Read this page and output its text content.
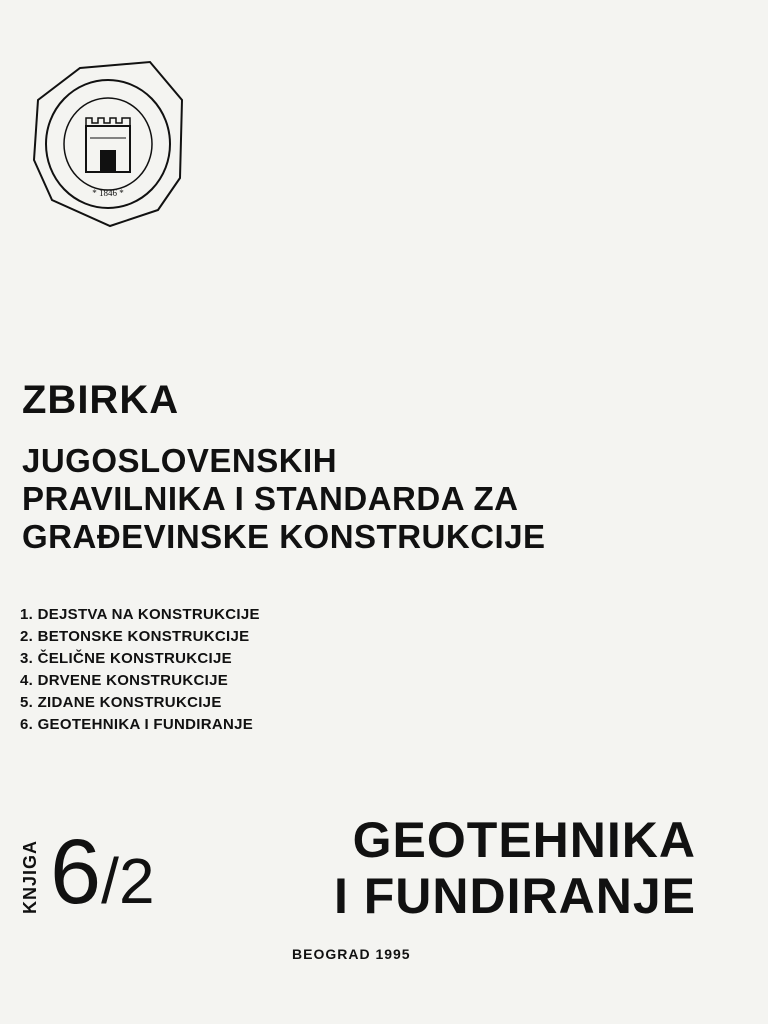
* 1846 *
ZBIRKA
JUGOSLOVENSKIH
PRAVILNIKA I STANDARDA ZA
GRAĐEVINSKE KONSTRUKCIJE
1. DEJSTVA NA KONSTRUKCIJE
2. BETONSKE KONSTRUKCIJE
3. ČELIČNE KONSTRUKCIJE
4. DRVENE KONSTRUKCIJE
5. ZIDANE KONSTRUKCIJE
6. GEOTEHNIKA I FUNDIRANJE
KNJIGA 6/2
GEOTEHNIKA
I FUNDIRANJE
BEOGRAD 1995
